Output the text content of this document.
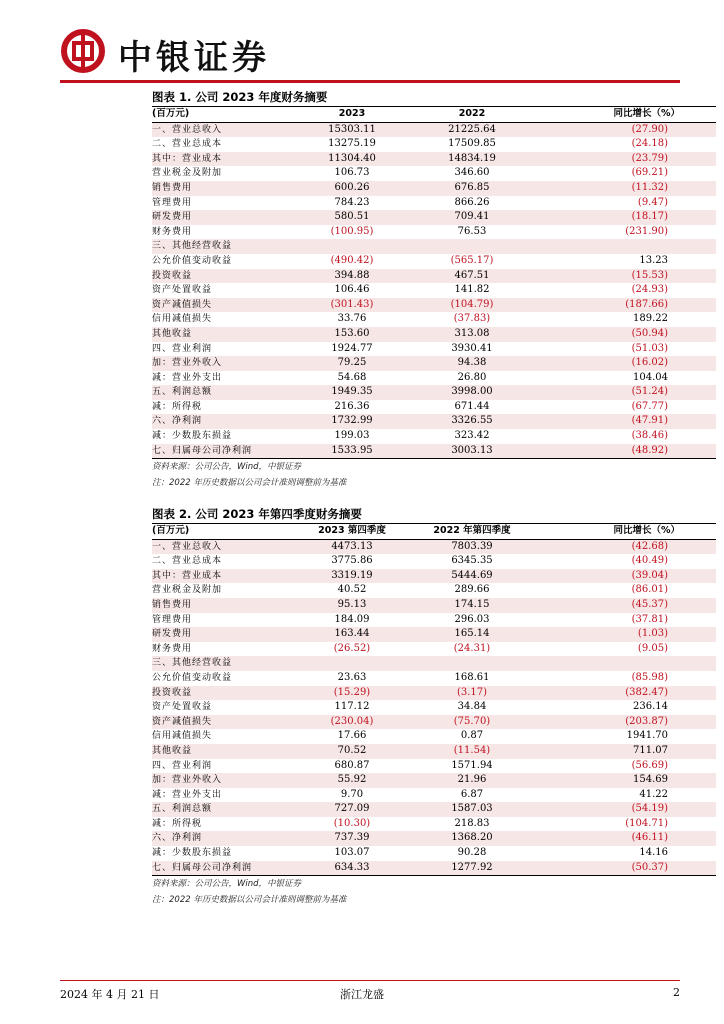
中银证券
图表 1. 公司 2023 年度财务摘要
(百万元)	2023	2022	同比增长（%）
一、营业总收入	15303.11	21225.64	(27.90)
二、营业总成本	13275.19	17509.85	(24.18)
其中：营业成本	11304.40	14834.19	(23.79)
营业税金及附加	106.73	346.60	(69.21)
销售费用	600.26	676.85	(11.32)
管理费用	784.23	866.26	(9.47)
研发费用	580.51	709.41	(18.17)
财务费用	(100.95)	76.53	(231.90)
三、其他经营收益			
公允价值变动收益	(490.42)	(565.17)	13.23
投资收益	394.88	467.51	(15.53)
资产处置收益	106.46	141.82	(24.93)
资产减值损失	(301.43)	(104.79)	(187.66)
信用减值损失	33.76	(37.83)	189.22
其他收益	153.60	313.08	(50.94)
四、营业利润	1924.77	3930.41	(51.03)
加：营业外收入	79.25	94.38	(16.02)
减：营业外支出	54.68	26.80	104.04
五、利润总额	1949.35	3998.00	(51.24)
减：所得税	216.36	671.44	(67.77)
六、净利润	1732.99	3326.55	(47.91)
减：少数股东损益	199.03	323.42	(38.46)
七、归属母公司净利润	1533.95	3003.13	(48.92)
资料来源：公司公告，Wind，中银证券
注：2022 年历史数据以公司会计准则调整前为基准
图表 2. 公司 2023 年第四季度财务摘要
(百万元)	2023 第四季度	2022 年第四季度	同比增长（%）
一、营业总收入	4473.13	7803.39	(42.68)
二、营业总成本	3775.86	6345.35	(40.49)
其中：营业成本	3319.19	5444.69	(39.04)
营业税金及附加	40.52	289.66	(86.01)
销售费用	95.13	174.15	(45.37)
管理费用	184.09	296.03	(37.81)
研发费用	163.44	165.14	(1.03)
财务费用	(26.52)	(24.31)	(9.05)
三、其他经营收益			
公允价值变动收益	23.63	168.61	(85.98)
投资收益	(15.29)	(3.17)	(382.47)
资产处置收益	117.12	34.84	236.14
资产减值损失	(230.04)	(75.70)	(203.87)
信用减值损失	17.66	0.87	1941.70
其他收益	70.52	(11.54)	711.07
四、营业利润	680.87	1571.94	(56.69)
加：营业外收入	55.92	21.96	154.69
减：营业外支出	9.70	6.87	41.22
五、利润总额	727.09	1587.03	(54.19)
减：所得税	(10.30)	218.83	(104.71)
六、净利润	737.39	1368.20	(46.11)
减：少数股东损益	103.07	90.28	14.16
七、归属母公司净利润	634.33	1277.92	(50.37)
资料来源：公司公告，Wind，中银证券
注：2022 年历史数据以公司会计准则调整前为基准
2024 年 4 月 21 日	浙江龙盛	2
